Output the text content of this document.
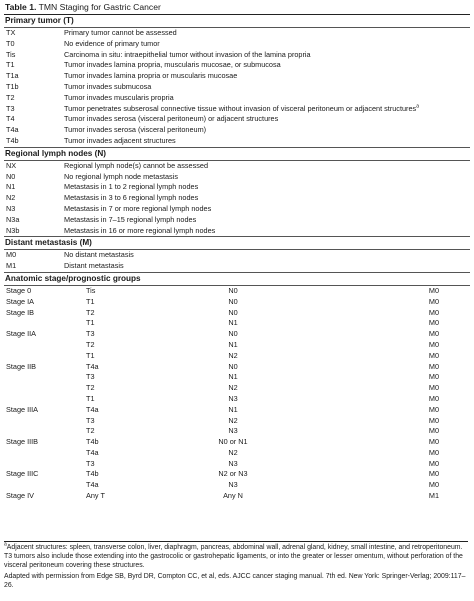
Table 1. TMN Staging for Gastric Cancer
Primary tumor (T)
TX	Primary tumor cannot be assessed
T0	No evidence of primary tumor
Tis	Carcinoma in situ: intraepithelial tumor without invasion of the lamina propria
T1	Tumor invades lamina propria, muscularis mucosae, or submucosa
T1a	Tumor invades lamina propria or muscularis mucosae
T1b	Tumor invades submucosa
T2	Tumor invades muscularis propria
T3	Tumor penetrates subserosal connective tissue without invasion of visceral peritoneum or adjacent structures$^a$
T4	Tumor invades serosa (visceral peritoneum) or adjacent structures
T4a	Tumor invades serosa (visceral peritoneum)
T4b	Tumor invades adjacent structures
Regional lymph nodes (N)
NX	Regional lymph node(s) cannot be assessed
N0	No regional lymph node metastasis
N1	Metastasis in 1 to 2 regional lymph nodes
N2	Metastasis in 3 to 6 regional lymph nodes
N3	Metastasis in 7 or more regional lymph nodes
N3a	Metastasis in 7–15 regional lymph nodes
N3b	Metastasis in 16 or more regional lymph nodes
Distant metastasis (M)
M0	No distant metastasis
M1	Distant metastasis
Anatomic stage/prognostic groups
Stage 0	Tis	N0	M0
Stage IA	T1	N0	M0
Stage IB	T2	N0	M0
T1	N1	M0
Stage IIA	T3	N0	M0
T2	N1	M0
T1	N2	M0
Stage IIB	T4a	N0	M0
T3	N1	M0
T2	N2	M0
T1	N3	M0
Stage IIIA	T4a	N1	M0
T3	N2	M0
T2	N3	M0
Stage IIIB	T4b	N0 or N1	M0
T4a	N2	M0
T3	N3	M0
Stage IIIC	T4b	N2 or N3	M0
T4a	N3	M0
Stage IV	Any T	Any N	M1
$^a$Adjacent structures: spleen, transverse colon, liver, diaphragm, pancreas, abdominal wall, adrenal gland, kidney, small intestine, and retroperitoneum. T3 tumors also include those extending into the gastrocolic or gastrohepatic ligaments, or into the greater or lesser omentum, without perforation of the visceral peritoneum covering these structures.
Adapted with permission from Edge SB, Byrd DR, Compton CC, et al, eds. AJCC cancer staging manual. 7th ed. New York: Springer-Verlag; 2009:117–26.
